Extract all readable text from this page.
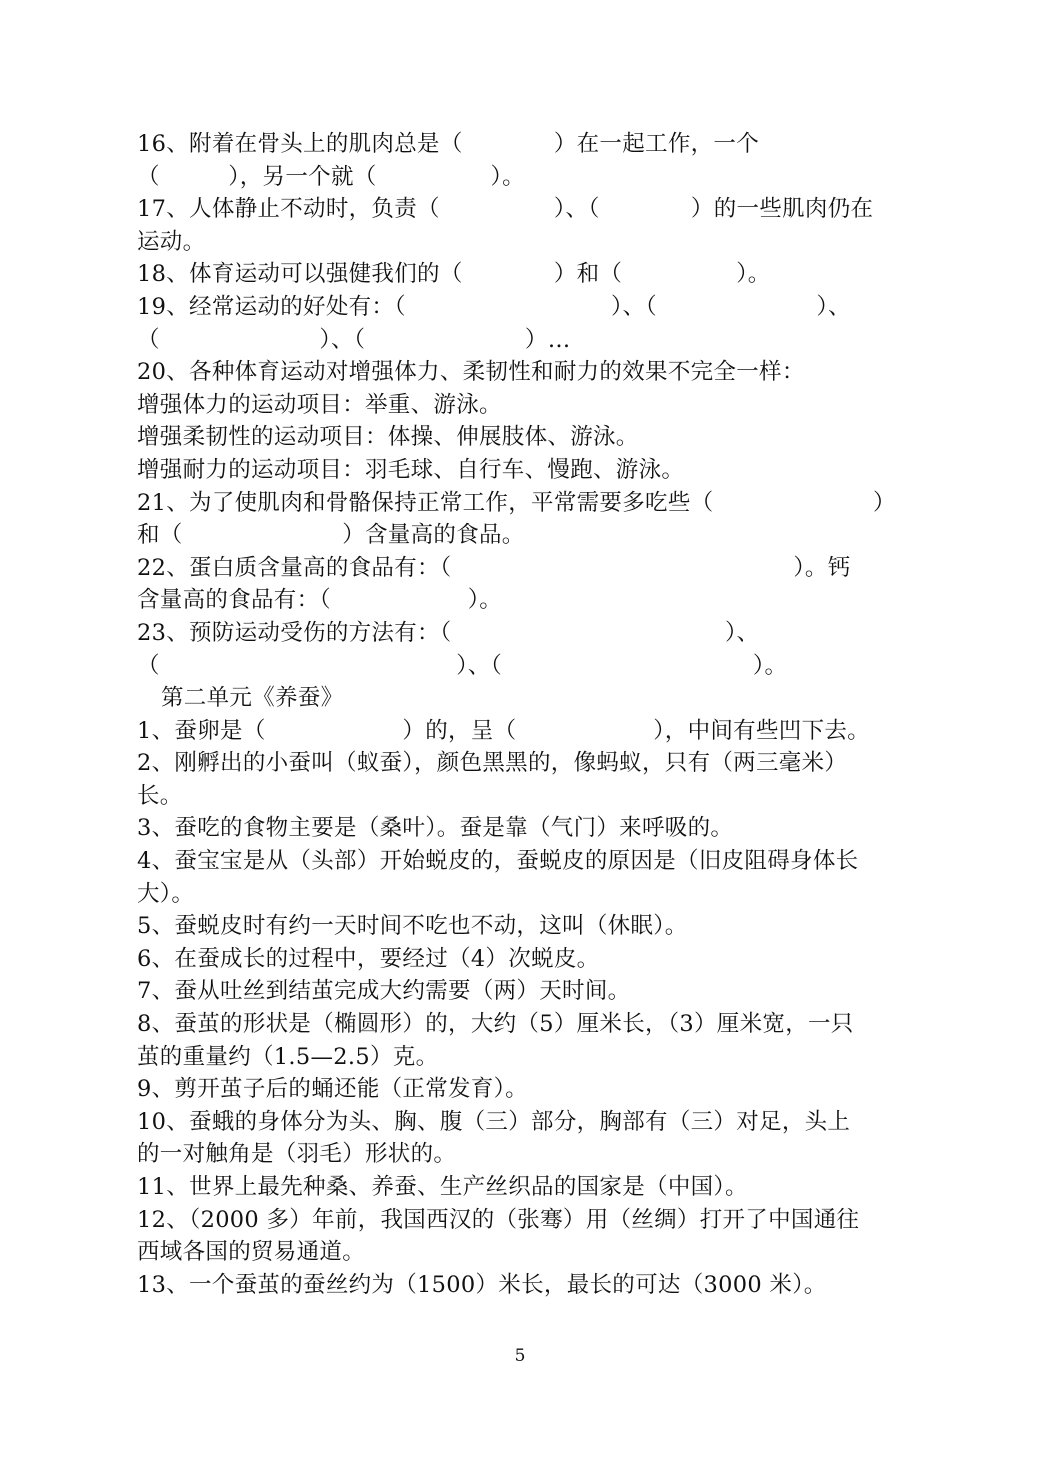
16、附着在骨头上的肌肉总是（　　　　）在一起工作，一个
（　　　），另一个就（　　　　　）。
17、人体静止不动时，负责（　　　　　）、（　　　　）的一些肌肉仍在
运动。
18、体育运动可以强健我们的（　　　　）和（　　　　　）。
19、经常运动的好处有：（　　　　　　　　　）、（　　　　　　　）、
（　　　　　　　）、（　　　　　　　）…
20、各种体育运动对增强体力、柔韧性和耐力的效果不完全一样：
增强体力的运动项目：举重、游泳。
增强柔韧性的运动项目：体操、伸展肢体、游泳。
增强耐力的运动项目：羽毛球、自行车、慢跑、游泳。
21、为了使肌肉和骨骼保持正常工作，平常需要多吃些（　　　　　　　）
和（　　　　　　　）含量高的食品。
22、蛋白质含量高的食品有：（　　　　　　　　　　　　　　　）。钙
含量高的食品有：（　　　　　　）。
23、预防运动受伤的方法有：（　　　　　　　　　　　　）、
（　　　　　　　　　　　　　）、（　　　　　　　　　　　）。
第二单元《养蚕》
1、蚕卵是（　　　　　　）的，呈（　　　　　　），中间有些凹下去。
2、刚孵出的小蚕叫（蚁蚕），颜色黑黑的，像蚂蚁，只有（两三毫米）
长。
3、蚕吃的食物主要是（桑叶）。蚕是靠（气门）来呼吸的。
4、蚕宝宝是从（头部）开始蜕皮的，蚕蜕皮的原因是（旧皮阻碍身体长
大）。
5、蚕蜕皮时有约一天时间不吃也不动，这叫（休眠）。
6、在蚕成长的过程中，要经过（4）次蜕皮。
7、蚕从吐丝到结茧完成大约需要（两）天时间。
8、蚕茧的形状是（椭圆形）的，大约（5）厘米长，（3）厘米宽，一只
茧的重量约（1.5—2.5）克。
9、剪开茧子后的蛹还能（正常发育）。
10、蚕蛾的身体分为头、胸、腹（三）部分，胸部有（三）对足，头上
的一对触角是（羽毛）形状的。
11、世界上最先种桑、养蚕、生产丝织品的国家是（中国）。
12、（2000 多）年前，我国西汉的（张骞）用（丝绸）打开了中国通往
西域各国的贸易通道。
13、一个蚕茧的蚕丝约为（1500）米长，最长的可达（3000 米）。
5
